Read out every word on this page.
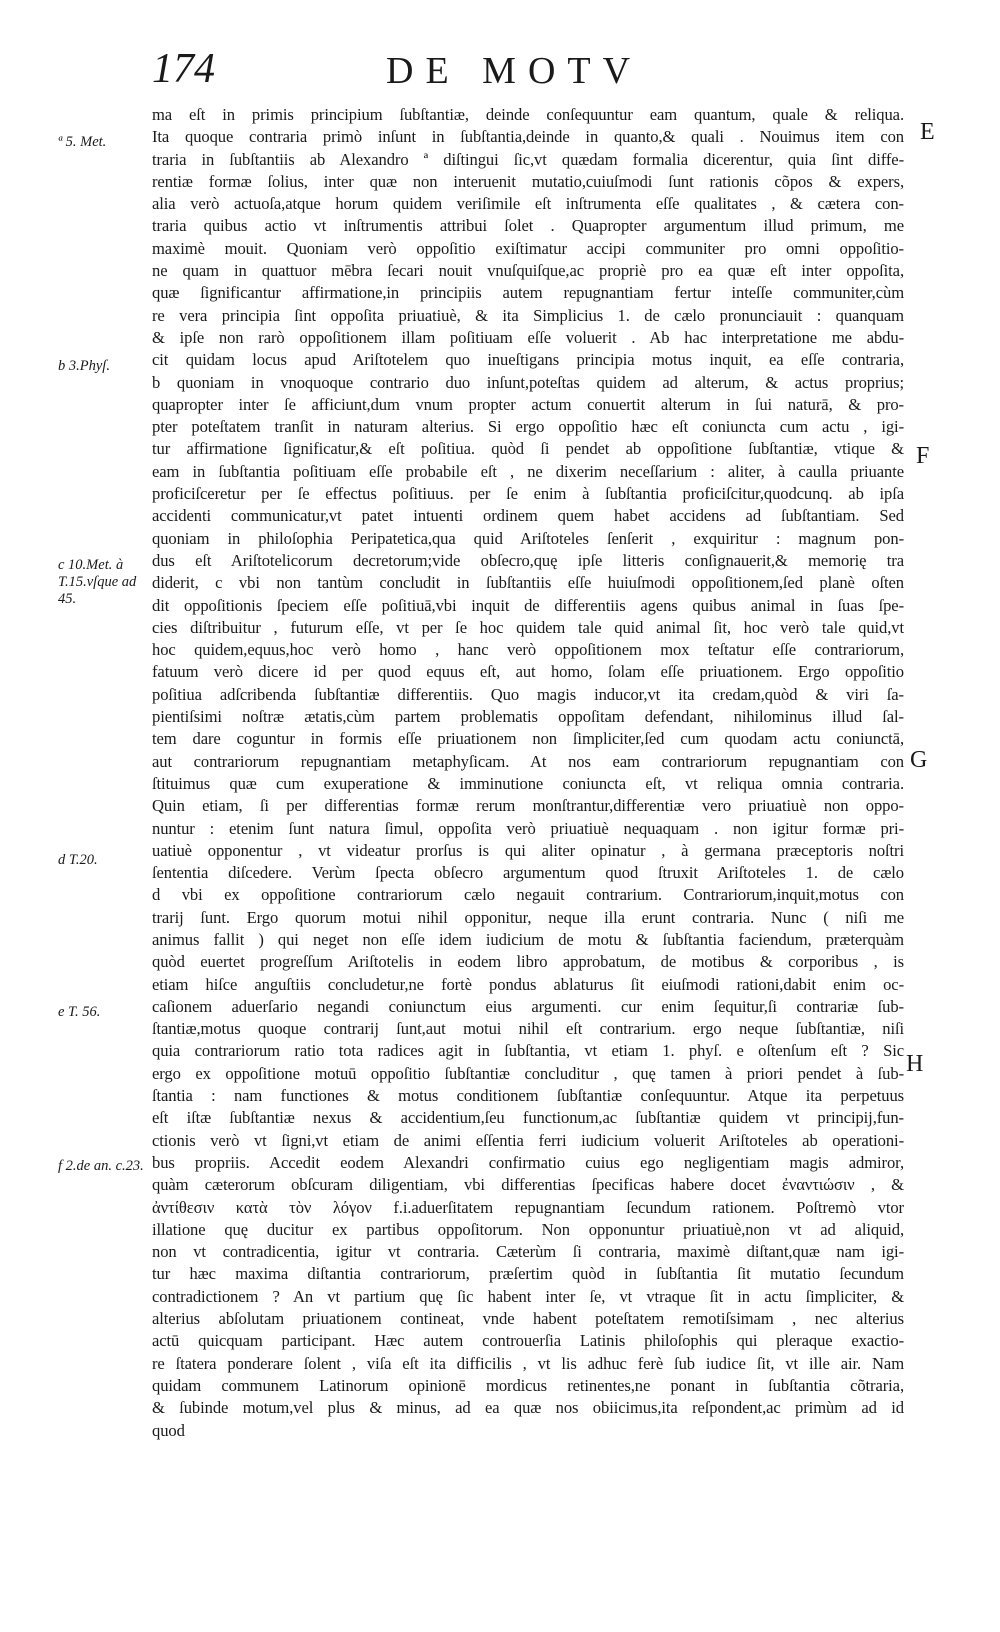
174	DE MOTV
ª 5. Met.
b 3.Phyſ.
c 10.Met. à T.15.vſque ad 45.
d T.20.
e T. 56.
f 2.de an. c.23.
E
F
G
H
ma eſt in primis principium ſubſtantiæ, deinde conſequuntur eam quantum, quale & reliqua.
Ita quoque contraria primò inſunt in ſubſtantia,deinde in quanto,& quali . Nouimus item con
traria in ſubſtantiis ab Alexandro ª diſtingui ſic,vt quædam formalia dicerentur, quia ſint diffe-
rentiæ formæ ſolius, inter quæ non interuenit mutatio,cuiuſmodi ſunt rationis cõpos & expers,
alia verò actuoſa,atque horum quidem veriſimile eſt inſtrumenta eſſe qualitates , & cætera con-
traria quibus actio vt inſtrumentis attribui ſolet . Quapropter argumentum illud primum, me
maximè mouit. Quoniam verò oppoſitio exiſtimatur accipi communiter pro omni oppoſitio-
ne quam in quattuor mēbra ſecari nouit vnuſquiſque,ac propriè pro ea quæ eſt inter oppoſita,
quæ ſignificantur affirmatione,in principiis autem repugnantiam fertur inteſſe communiter,cùm
re vera principia ſint oppoſita priuatiuè, & ita Simplicius 1. de cælo pronunciauit : quanquam
& ipſe non rarò oppoſitionem illam poſitiuam eſſe voluerit . Ab hac interpretatione me abdu-
cit quidam locus apud Ariſtotelem quo inueſtigans principia motus inquit, ea eſſe contraria,
b quoniam in vnoquoque contrario duo inſunt,poteſtas quidem ad alterum, & actus proprius;
quapropter inter ſe afficiunt,dum vnum propter actum conuertit alterum in ſui naturā, & pro-
pter poteſtatem tranſit in naturam alterius. Si ergo oppoſitio hæc eſt coniuncta cum actu , igi-
tur affirmatione ſignificatur,& eſt poſitiua. quòd ſi pendet ab oppoſitione ſubſtantiæ, vtique &
eam in ſubſtantia poſitiuam eſſe probabile eſt , ne dixerim neceſſarium : aliter, à caulla priuante
proficiſceretur per ſe effectus poſitiuus. per ſe enim à ſubſtantia proficiſcitur,quodcunq. ab ipſa
accidenti communicatur,vt patet intuenti ordinem quem habet accidens ad ſubſtantiam. Sed
quoniam in philoſophia Peripatetica,qua quid Ariſtoteles ſenſerit , exquiritur : magnum pon-
dus eſt Ariſtotelicorum decretorum;vide obſecro,quę ipſe litteris conſignauerit,& memorię tra
diderit, c vbi non tantùm concludit in ſubſtantiis eſſe huiuſmodi oppoſitionem,ſed planè oſten
dit oppoſitionis ſpeciem eſſe poſitiuā,vbi inquit de differentiis agens quibus animal in ſuas ſpe-
cies diſtribuitur , futurum eſſe, vt per ſe hoc quidem tale quid animal ſit, hoc verò tale quid,vt
hoc quidem,equus,hoc verò homo , hanc verò oppoſitionem mox teſtatur eſſe contrariorum,
fatuum verò dicere id per quod equus eſt, aut homo, ſolam eſſe priuationem. Ergo oppoſitio
poſitiua adſcribenda ſubſtantiæ differentiis. Quo magis inducor,vt ita credam,quòd & viri ſa-
pientiſsimi noſtræ ætatis,cùm partem problematis oppoſitam defendant, nihilominus illud ſal-
tem dare coguntur in formis eſſe priuationem non ſimpliciter,ſed cum quodam actu coniunctā,
aut contrariorum repugnantiam metaphyſicam. At nos eam contrariorum repugnantiam con
ſtituimus quæ cum exuperatione & imminutione coniuncta eſt, vt reliqua omnia contraria.
Quin etiam, ſi per differentias formæ rerum monſtrantur,differentiæ vero priuatiuè non oppo-
nuntur : etenim ſunt natura ſimul, oppoſita verò priuatiuè nequaquam . non igitur formæ pri-
uatiuè opponentur , vt videatur prorſus is qui aliter opinatur , à germana præceptoris noſtri
ſententia diſcedere. Verùm ſpecta obſecro argumentum quod ſtruxit Ariſtoteles 1. de cælo
d vbi ex oppoſitione contrariorum cælo negauit contrarium. Contrariorum,inquit,motus con
trarij ſunt. Ergo quorum motui nihil opponitur, neque illa erunt contraria. Nunc ( niſi me
animus fallit ) qui neget non eſſe idem iudicium de motu & ſubſtantia faciendum, præterquàm
quòd euertet progreſſum Ariſtotelis in eodem libro approbatum, de motibus & corporibus , is
etiam hiſce anguſtiis concludetur,ne fortè pondus ablaturus ſit eiuſmodi rationi,dabit enim oc-
caſionem aduerſario negandi coniunctum eius argumenti. cur enim ſequitur,ſi contrariæ ſub-
ſtantiæ,motus quoque contrarij ſunt,aut motui nihil eſt contrarium. ergo neque ſubſtantiæ, niſi
quia contrariorum ratio tota radices agit in ſubſtantia, vt etiam 1. phyſ. e oſtenſum eſt ? Sic
ergo ex oppoſitione motuū oppoſitio ſubſtantiæ concluditur , quę tamen à priori pendet à ſub-
ſtantia : nam functiones & motus conditionem ſubſtantiæ conſequuntur. Atque ita perpetuus
eſt iſtæ ſubſtantiæ nexus & accidentium,ſeu functionum,ac ſubſtantiæ quidem vt principij,fun-
ctionis verò vt ſigni,vt etiam de animi eſſentia ferri iudicium voluerit Ariſtoteles ab operationi-
bus propriis. Accedit eodem Alexandri confirmatio cuius ego negligentiam magis admiror,
quàm cæterorum obſcuram diligentiam, vbi differentias ſpecificas habere docet ἐναντιώσιν , &
ἀντίθεσιν κατὰ τὸν λόγον f.i.aduerſitatem repugnantiam ſecundum rationem. Poſtremò vtor
illatione quę ducitur ex partibus oppoſitorum. Non opponuntur priuatiuè,non vt ad aliquid,
non vt contradicentia, igitur vt contraria. Cæterùm ſi contraria, maximè diſtant,quæ nam igi-
tur hæc maxima diſtantia contrariorum, præſertim quòd in ſubſtantia ſit mutatio ſecundum
contradictionem ? An vt partium quę ſic habent inter ſe, vt vtraque ſit in actu ſimpliciter, &
alterius abſolutam priuationem contineat, vnde habent poteſtatem remotiſsimam , nec alterius
actū quicquam participant. Hæc autem controuerſia Latinis philoſophis qui pleraque exactio-
re ſtatera ponderare ſolent , viſa eſt ita difficilis , vt lis adhuc ferè ſub iudice ſit, vt ille air. Nam
quidam communem Latinorum opinionē mordicus retinentes,ne ponant in ſubſtantia cõtraria,
& ſubinde motum,vel plus & minus, ad ea quæ nos obiicimus,ita reſpondent,ac primùm ad id
quod
